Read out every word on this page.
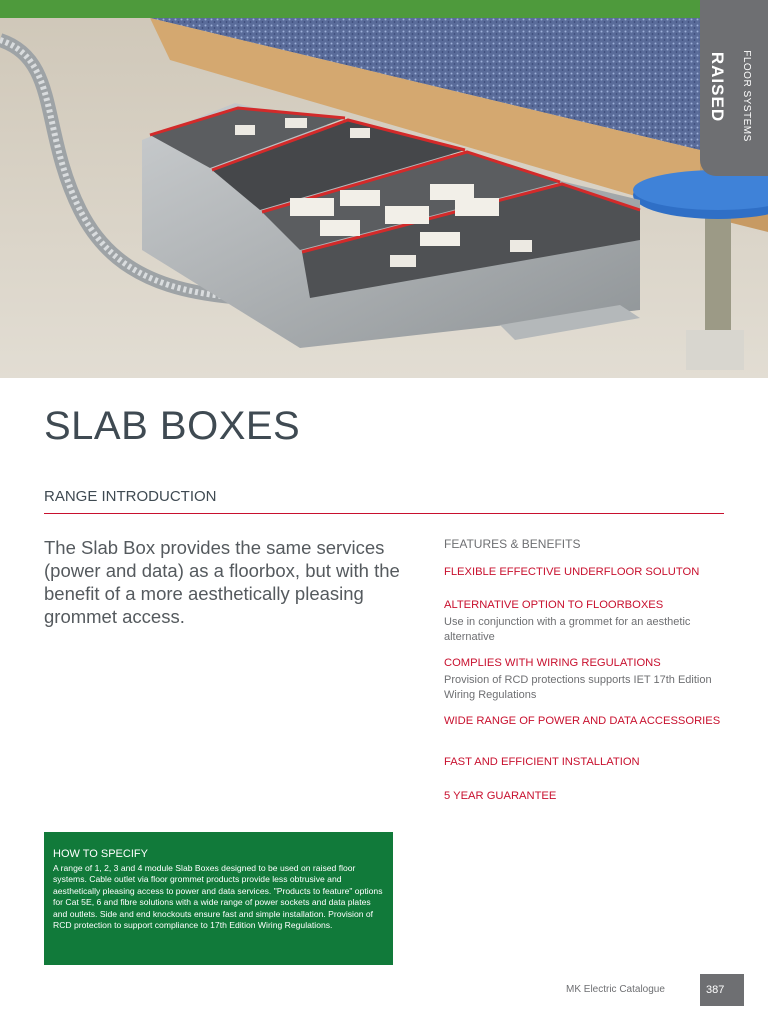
RAISED FLOOR SYSTEMS
SLAB BOXES
RANGE INTRODUCTION

The Slab Box provides the same services (power and data) as a floorbox, but with the benefit of a more aesthetically pleasing grommet access.

FEATURES & BENEFITS

FLEXIBLE EFFECTIVE UNDERFLOOR SOLUTON

ALTERNATIVE OPTION TO FLOORBOXES

Use in conjunction with a grommet for an aesthetic alternative

COMPLIES WITH WIRING REGULATIONS

Provision of RCD protections supports IET 17th Edition Wiring Regulations

WIDE RANGE OF POWER AND DATA ACCESSORIES

FAST AND EFFICIENT INSTALLATION

5 YEAR GUARANTEE

HOW TO SPECIFY

A range of 1, 2, 3 and 4 module Slab Boxes designed to be used on raised floor systems. Cable outlet via floor grommet products provide less obtrusive and aesthetically pleasing access to power and data services. "Products to feature" options for Cat 5E, 6 and fibre solutions with a wide range of power sockets and data plates and outlets. Side and end knockouts ensure fast and simple installation. Provision of RCD protection to support compliance to 17th Edition Wiring Regulations.

MK Electric Catalogue	387
